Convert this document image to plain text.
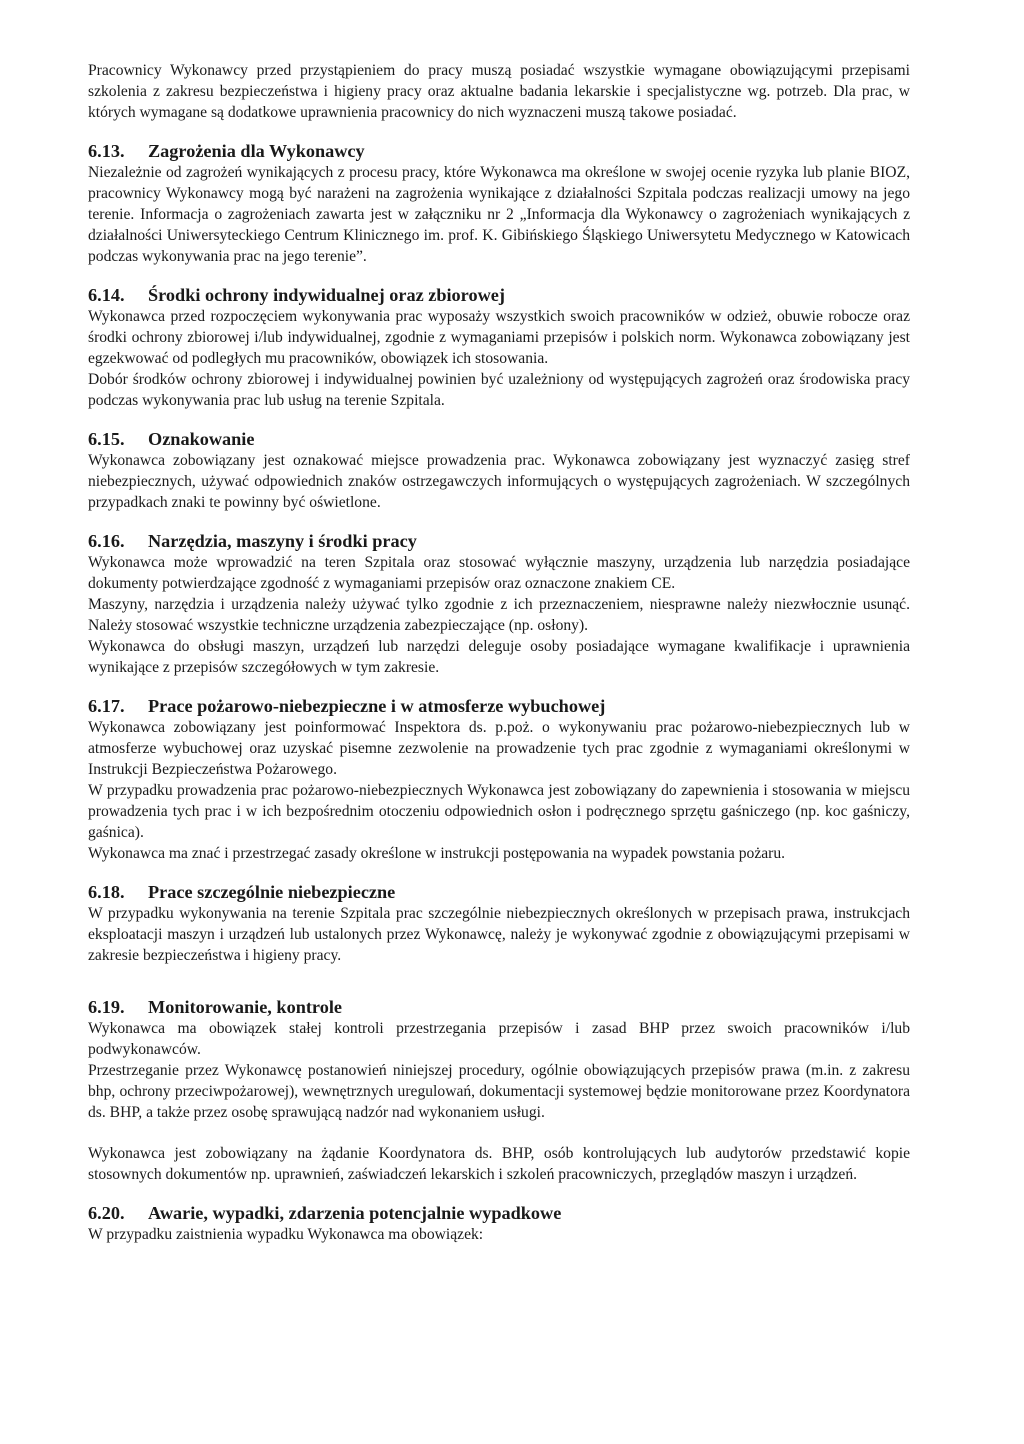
Pracownicy Wykonawcy przed przystąpieniem do pracy muszą posiadać wszystkie wymagane obowiązującymi przepisami szkolenia z zakresu bezpieczeństwa i higieny pracy oraz aktualne badania lekarskie i specjalistyczne wg. potrzeb. Dla prac, w których wymagane są dodatkowe uprawnienia pracownicy do nich wyznaczeni muszą takowe posiadać.

6.13. Zagrożenia dla Wykonawcy

Niezależnie od zagrożeń wynikających z procesu pracy, które Wykonawca ma określone w swojej ocenie ryzyka lub planie BIOZ, pracownicy Wykonawcy mogą być narażeni na zagrożenia wynikające z działalności Szpitala podczas realizacji umowy na jego terenie. Informacja o zagrożeniach zawarta jest w załączniku nr 2 „Informacja dla Wykonawcy o zagrożeniach wynikających z działalności Uniwersyteckiego Centrum Klinicznego im. prof. K. Gibińskiego Śląskiego Uniwersytetu Medycznego w Katowicach podczas wykonywania prac na jego terenie”.

6.14. Środki ochrony indywidualnej oraz zbiorowej

Wykonawca przed rozpoczęciem wykonywania prac wyposaży wszystkich swoich pracowników w odzież, obuwie robocze oraz środki ochrony zbiorowej i/lub indywidualnej, zgodnie z wymaganiami przepisów i polskich norm. Wykonawca zobowiązany jest egzekwować od podległych mu pracowników, obowiązek ich stosowania.

Dobór środków ochrony zbiorowej i indywidualnej powinien być uzależniony od występujących zagrożeń oraz środowiska pracy podczas wykonywania prac lub usług na terenie Szpitala.

6.15. Oznakowanie

Wykonawca zobowiązany jest oznakować miejsce prowadzenia prac. Wykonawca zobowiązany jest wyznaczyć zasięg stref niebezpiecznych, używać odpowiednich znaków ostrzegawczych informujących o występujących zagrożeniach. W szczególnych przypadkach znaki te powinny być oświetlone.

6.16. Narzędzia, maszyny i środki pracy

Wykonawca może wprowadzić na teren Szpitala oraz stosować wyłącznie maszyny, urządzenia lub narzędzia posiadające dokumenty potwierdzające zgodność z wymaganiami przepisów oraz oznaczone znakiem CE.

Maszyny, narzędzia i urządzenia należy używać tylko zgodnie z ich przeznaczeniem, niesprawne należy niezwłocznie usunąć. Należy stosować wszystkie techniczne urządzenia zabezpieczające (np. osłony).

Wykonawca do obsługi maszyn, urządzeń lub narzędzi deleguje osoby posiadające wymagane kwalifikacje i uprawnienia wynikające z przepisów szczegółowych w tym zakresie.

6.17. Prace pożarowo-niebezpieczne i w atmosferze wybuchowej

Wykonawca zobowiązany jest poinformować Inspektora ds. p.poż. o wykonywaniu prac pożarowo-niebezpiecznych lub w atmosferze wybuchowej oraz uzyskać pisemne zezwolenie na prowadzenie tych prac zgodnie z wymaganiami określonymi w Instrukcji Bezpieczeństwa Pożarowego.

W przypadku prowadzenia prac pożarowo-niebezpiecznych Wykonawca jest zobowiązany do zapewnienia i stosowania w miejscu prowadzenia tych prac i w ich bezpośrednim otoczeniu odpowiednich osłon i podręcznego sprzętu gaśniczego (np. koc gaśniczy, gaśnica).

Wykonawca ma znać i przestrzegać zasady określone w instrukcji postępowania na wypadek powstania pożaru.

6.18. Prace szczególnie niebezpieczne

W przypadku wykonywania na terenie Szpitala prac szczególnie niebezpiecznych określonych w przepisach prawa, instrukcjach eksploatacji maszyn i urządzeń lub ustalonych przez Wykonawcę, należy je wykonywać zgodnie z obowiązującymi przepisami w zakresie bezpieczeństwa i higieny pracy.

6.19. Monitorowanie, kontrole

Wykonawca ma obowiązek stałej kontroli przestrzegania przepisów i zasad BHP przez swoich pracowników i/lub podwykonawców.

Przestrzeganie przez Wykonawcę postanowień niniejszej procedury, ogólnie obowiązujących przepisów prawa (m.in. z zakresu bhp, ochrony przeciwpożarowej), wewnętrznych uregulowań, dokumentacji systemowej będzie monitorowane przez Koordynatora ds. BHP, a także przez osobę sprawującą nadzór nad wykonaniem usługi.

Wykonawca jest zobowiązany na żądanie Koordynatora ds. BHP, osób kontrolujących lub audytorów przedstawić kopie stosownych dokumentów np. uprawnień, zaświadczeń lekarskich i szkoleń pracowniczych, przeglądów maszyn i urządzeń.

6.20. Awarie, wypadki, zdarzenia potencjalnie wypadkowe

W przypadku zaistnienia wypadku Wykonawca ma obowiązek:
